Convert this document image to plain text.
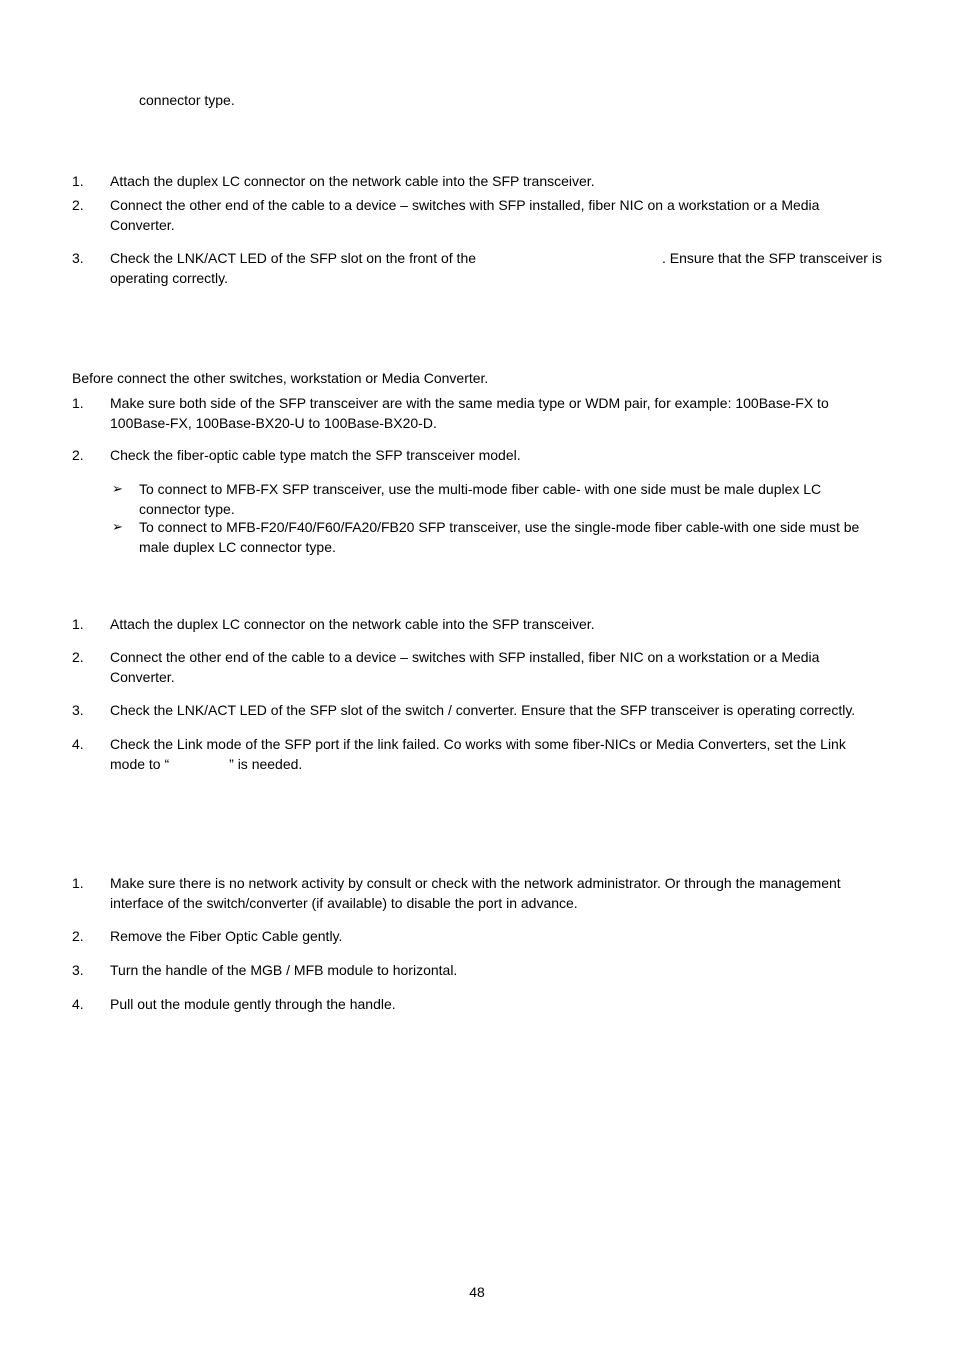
connector type.
1. Attach the duplex LC connector on the network cable into the SFP transceiver.
2. Connect the other end of the cable to a device – switches with SFP installed, fiber NIC on a workstation or a Media Converter.
3. Check the LNK/ACT LED of the SFP slot on the front of the	. Ensure that the SFP transceiver is operating correctly.
Before connect the other switches, workstation or Media Converter.
1. Make sure both side of the SFP transceiver are with the same media type or WDM pair, for example: 100Base-FX to 100Base-FX, 100Base-BX20-U to 100Base-BX20-D.
2. Check the fiber-optic cable type match the SFP transceiver model.
➢ To connect to MFB-FX SFP transceiver, use the multi-mode fiber cable- with one side must be male duplex LC connector type.
➢ To connect to MFB-F20/F40/F60/FA20/FB20 SFP transceiver, use the single-mode fiber cable-with one side must be male duplex LC connector type.
1. Attach the duplex LC connector on the network cable into the SFP transceiver.
2. Connect the other end of the cable to a device – switches with SFP installed, fiber NIC on a workstation or a Media Converter.
3. Check the LNK/ACT LED of the SFP slot of the switch / converter. Ensure that the SFP transceiver is operating correctly.
4. Check the Link mode of the SFP port if the link failed. Co works with some fiber-NICs or Media Converters, set the Link mode to “	” is needed.
1. Make sure there is no network activity by consult or check with the network administrator. Or through the management interface of the switch/converter (if available) to disable the port in advance.
2. Remove the Fiber Optic Cable gently.
3. Turn the handle of the MGB / MFB module to horizontal.
4. Pull out the module gently through the handle.
48
